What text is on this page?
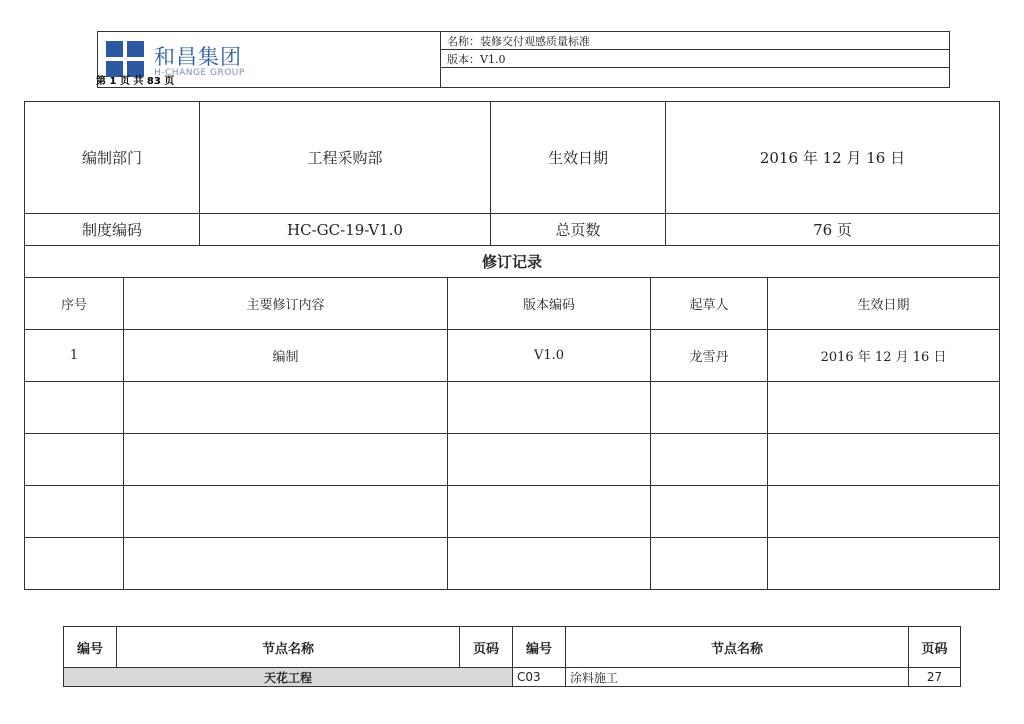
和昌集团
H-CHANGE GROUP
第 1 页 共 83 页
	名称：装修交付观感质量标准
版本：V1.0

编制部门	工程采购部	生效日期	2016 年 12 月 16 日
制度编码	HC-GC-19-V1.0	总页数	76 页
修订记录			
序号	主要修订内容	版本编码	起草人	生效日期
1	编制	V1.0	龙雪丹	2016 年 12 月 16 日

编号	节点名称	页码	编号	节点名称	页码
天花工程			C03	涂料施工	27
